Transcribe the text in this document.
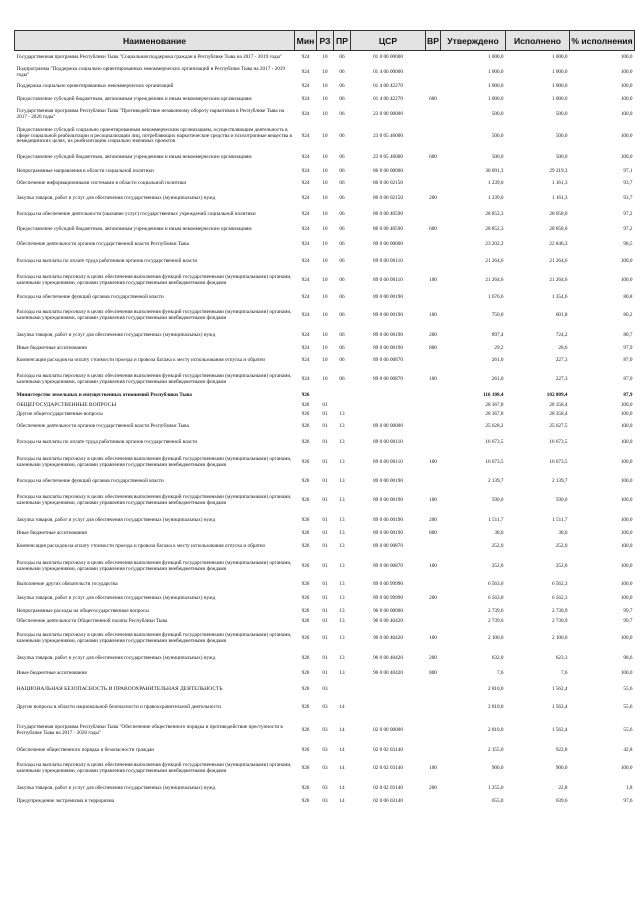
Наименование	Мин	РЗ	ПР	ЦСР	ВР	Утверждено	Исполнено	% исполнения
Государственная программа Республики Тыва "Социальная поддержка граждан в Республике Тыва на 2017 - 2019 годы"	924	10	06	01 0 00 00000		1 000,0	1 000,0	100,0
Подпрограмма "Поддержка социально ориентированных некоммерческих организаций в Республике Тыва на 2017 - 2019 годы"	924	10	06	01 4 00 00000		1 000,0	1 000,0	100,0
Поддержка социально ориентированных некоммерческих организаций	924	10	06	01 4 00 42270		1 000,0	1 000,0	100,0
Предоставление субсидий бюджетным, автономным учреждениям и иным некоммерческим организациям	924	10	06	01 4 00 42270	600	1 000,0	1 000,0	100,0
Государственная программа Республики Тыва "Противодействие незаконному обороту наркотиков в Республике Тыва на 2017 - 2020 годы"	924	10	06	23 0 00 00000		500,0	500,0	100,0
Предоставление субсидий социально ориентированным некоммерческим организациям, осуществляющим деятельность в сфере социальной реабилитации и ресоциализации лиц, потребляющих наркотические средства и психотропные вещества в немедицинских целях, их реабилитацию социально значимых проектов	924	10	06	23 0 05 46000		500,0	500,0	100,0
Предоставление субсидий бюджетным, автономным учреждениям и иным некоммерческим организациям	924	10	06	23 0 05 46000	600	500,0	500,0	100,0
Непрограммные направления в области социальной политики	924	10	06	86 0 00 00000		30 091,3	29 219,3	97,1
Обеспечение информационными системами в области социальной политики	924	10	06	86 0 00 02150		1 239,0	1 161,3	93,7
Закупка товаров, работ и услуг для обеспечения государственных (муниципальных) нужд	924	10	06	86 0 00 02150	200	1 239,0	1 161,3	93,7
Расходы на обеспечение деятельности (оказание услуг) государственных учреждений социальной политики	924	10	06	86 0 00 40590		28 852,3	28 058,0	97,2
Предоставление субсидий бюджетным, автономным учреждениям и иным некоммерческим организациям	924	10	06	86 0 00 40590	600	28 852,3	28 058,0	97,2
Обеспечение деятельности органов государственной власти Республики Тыва	924	10	06	89 0 00 00000		23 202,2	22 846,3	98,5
Расходы на выплаты по оплате труда работников органов государственной власти	924	10	06	89 0 00 00110		21 264,6	21 264,6	100,0
Расходы на выплаты персоналу в целях обеспечения выполнения функций государственными (муниципальными) органами, казенными учреждениями, органами управления государственными внебюджетными фондами	924	10	06	89 0 00 00110	100	21 264,6	21 264,6	100,0
Расходы на обеспечение функций органов государственной власти	924	10	06	89 0 00 00190		1 676,6	1 354,6	80,8
Расходы на выплаты персоналу в целях обеспечения выполнения функций государственными (муниципальными) органами, казенными учреждениями, органами управления государственными внебюджетными фондами	924	10	06	89 0 00 00190	100	750,0	601,8	80,2
Закупка товаров, работ и услуг для обеспечения государственных (муниципальных) нужд	924	10	06	89 0 00 00190	200	897,4	724,2	80,7
Иные бюджетные ассигнования	924	10	06	89 0 00 00190	800	29,2	28,6	97,9
Компенсация расходов на оплату стоимости проезда и провоза багажа к месту использования отпуска и обратно	924	10	06	89 0 00 00870		261,0	227,3	87,0
Расходы на выплаты персоналу в целях обеспечения выполнения функций государственными (муниципальными) органами, казенными учреждениями, органами управления государственными внебюджетными фондами	924	10	06	89 0 00 00870	100	261,0	227,3	87,0
Министерство земельных и имущественных отношений Республики Тыва	926					116 108,4	102 009,4	87,9
ОБЩЕГОСУДАРСТВЕННЫЕ ВОПРОСЫ	926	01				28 367,8	28 358,4	100,0
Другие общегосударственные вопросы	926	01	13			28 367,8	28 358,4	100,0
Обеспечение деятельности органов государственной власти Республики Тыва	926	01	13	89 0 00 00000		25 628,2	25 627,5	100,0
Расходы на выплаты по оплате труда работников органов государственной власти	926	01	13	89 0 00 00110		16 673,5	16 673,5	100,0
Расходы на выплаты персоналу в целях обеспечения выполнения функций государственными (муниципальными) органами, казенными учреждениями, органами управления государственными внебюджетными фондами	926	01	13	89 0 00 00110	100	16 673,5	16 673,5	100,0
Расходы на обеспечение функций органов государственной власти	926	01	13	89 0 00 00190		2 139,7	2 139,7	100,0
Расходы на выплаты персоналу в целях обеспечения выполнения функций государственными (муниципальными) органами, казенными учреждениями, органами управления государственными внебюджетными фондами	926	01	13	89 0 00 00190	100	590,0	590,0	100,0
Закупка товаров, работ и услуг для обеспечения государственных (муниципальных) нужд	926	01	13	89 0 00 00190	200	1 511,7	1 511,7	100,0
Иные бюджетные ассигнования	926	01	13	89 0 00 00190	800	38,0	38,0	100,0
Компенсация расходов на оплату стоимости проезда и провоза багажа к месту использования отпуска и обратно	926	01	13	89 0 00 00870		252,0	252,0	100,0
Расходы на выплаты персоналу в целях обеспечения выполнения функций государственными (муниципальными) органами, казенными учреждениями, органами управления государственными внебюджетными фондами	926	01	13	89 0 00 00870	100	252,0	252,0	100,0
Выполнение других обязательств государства	926	01	13	89 0 00 99990		6 563,0	6 562,3	100,0
Закупка товаров, работ и услуг для обеспечения государственных (муниципальных) нужд	926	01	13	89 0 00 99990	200	6 563,0	6 562,3	100,0
Непрограммные расходы на общегосударственные вопросы	926	01	13	96 0 00 00000		2 739,6	2 730,9	99,7
Обеспечение деятельности Общественной палаты Республики Тыва	926	01	13	96 0 00 40420		2 739,6	2 730,9	99,7
Расходы на выплаты персоналу в целях обеспечения выполнения функций государственными (муниципальными) органами, казенными учреждениями, органами управления государственными внебюджетными фондами	926	01	13	96 0 00 40420	100	2 100,0	2 100,0	100,0
Закупка товаров, работ и услуг для обеспечения государственных (муниципальных) нужд	926	01	13	96 0 00 40420	200	632,0	623,3	98,6
Иные бюджетные ассигнования	926	01	13	96 0 00 40420	800	7,6	7,6	100,0
НАЦИОНАЛЬНАЯ БЕЗОПАСНОСТЬ И ПРАВООХРАНИТЕЛЬНАЯ ДЕЯТЕЛЬНОСТЬ	926	03				2 810,0	1 562,4	55,6
Другие вопросы в области национальной безопасности и правоохранительной деятельности	926	03	14			2 810,0	1 562,4	55,6
Государственная программа Республики Тыва "Обеспечение общественного порядка и противодействие преступности в Республике Тыва на 2017 - 2020 годы"	926	03	14	02 0 00 00000		2 810,0	1 562,4	55,6
Обеспечение общественного порядка и безопасности граждан	926	03	14	02 0 02 03140		2 155,0	922,8	42,8
Расходы на выплаты персоналу в целях обеспечения выполнения функций государственными (муниципальными) органами, казенными учреждениями, органами управления государственными внебюджетными фондами	926	03	14	02 0 02 03140	100	900,0	900,0	100,0
Закупка товаров, работ и услуг для обеспечения государственных (муниципальных) нужд	926	03	14	02 0 02 03140	200	1 255,0	22,8	1,8
Предупреждение экстремизма и терроризма	926	03	14	02 0 06 03140		655,0	639,6	97,6
